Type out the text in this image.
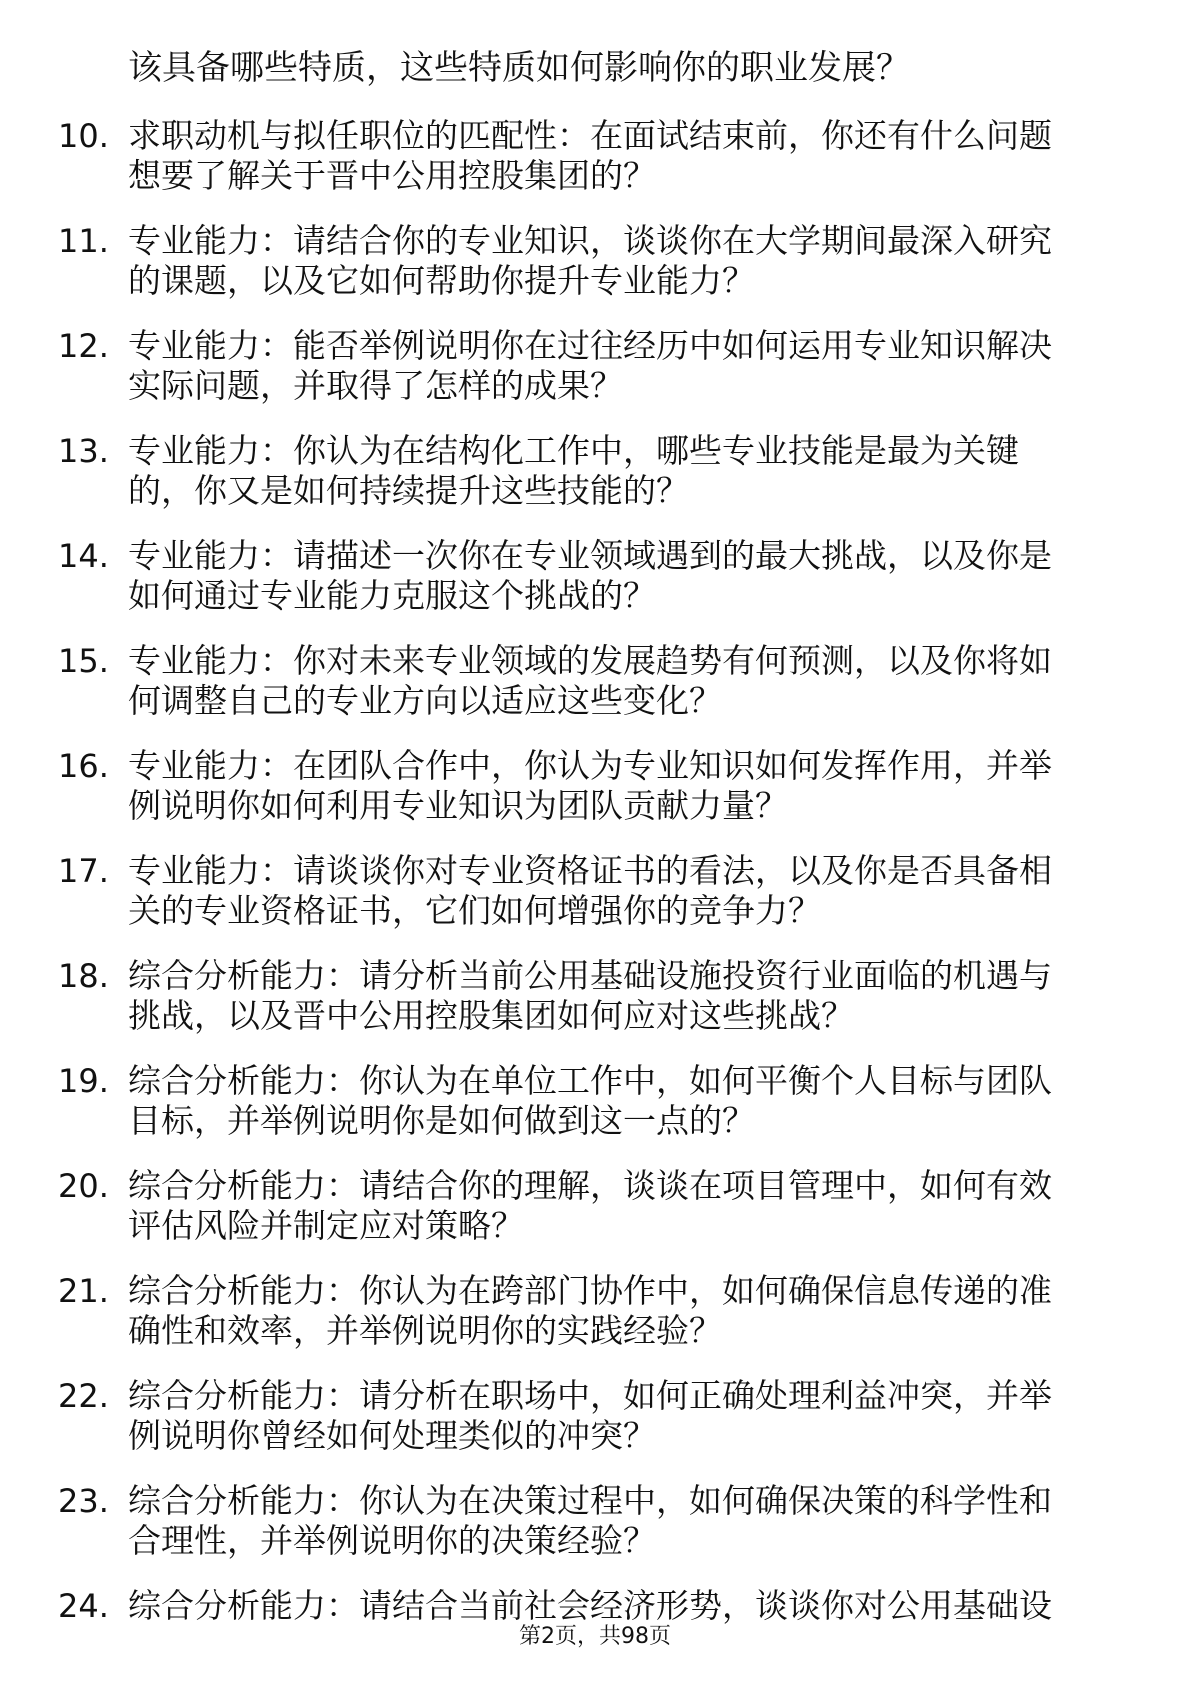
该具备哪些特质，这些特质如何影响你的职业发展？
10. 求职动机与拟任职位的匹配性：在面试结束前，你还有什么问题
想要了解关于晋中公用控股集团的？
11. 专业能力：请结合你的专业知识，谈谈你在大学期间最深入研究
的课题，以及它如何帮助你提升专业能力？
12. 专业能力：能否举例说明你在过往经历中如何运用专业知识解决
实际问题，并取得了怎样的成果？
13. 专业能力：你认为在结构化工作中，哪些专业技能是最为关键
的，你又是如何持续提升这些技能的？
14. 专业能力：请描述一次你在专业领域遇到的最大挑战，以及你是
如何通过专业能力克服这个挑战的？
15. 专业能力：你对未来专业领域的发展趋势有何预测，以及你将如
何调整自己的专业方向以适应这些变化？
16. 专业能力：在团队合作中，你认为专业知识如何发挥作用，并举
例说明你如何利用专业知识为团队贡献力量？
17. 专业能力：请谈谈你对专业资格证书的看法，以及你是否具备相
关的专业资格证书，它们如何增强你的竞争力？
18. 综合分析能力：请分析当前公用基础设施投资行业面临的机遇与
挑战，以及晋中公用控股集团如何应对这些挑战？
19. 综合分析能力：你认为在单位工作中，如何平衡个人目标与团队
目标，并举例说明你是如何做到这一点的？
20. 综合分析能力：请结合你的理解，谈谈在项目管理中，如何有效
评估风险并制定应对策略？
21. 综合分析能力：你认为在跨部门协作中，如何确保信息传递的准
确性和效率，并举例说明你的实践经验？
22. 综合分析能力：请分析在职场中，如何正确处理利益冲突，并举
例说明你曾经如何处理类似的冲突？
23. 综合分析能力：你认为在决策过程中，如何确保决策的科学性和
合理性，并举例说明你的决策经验？
24. 综合分析能力：请结合当前社会经济形势，谈谈你对公用基础设
第2页，共98页
